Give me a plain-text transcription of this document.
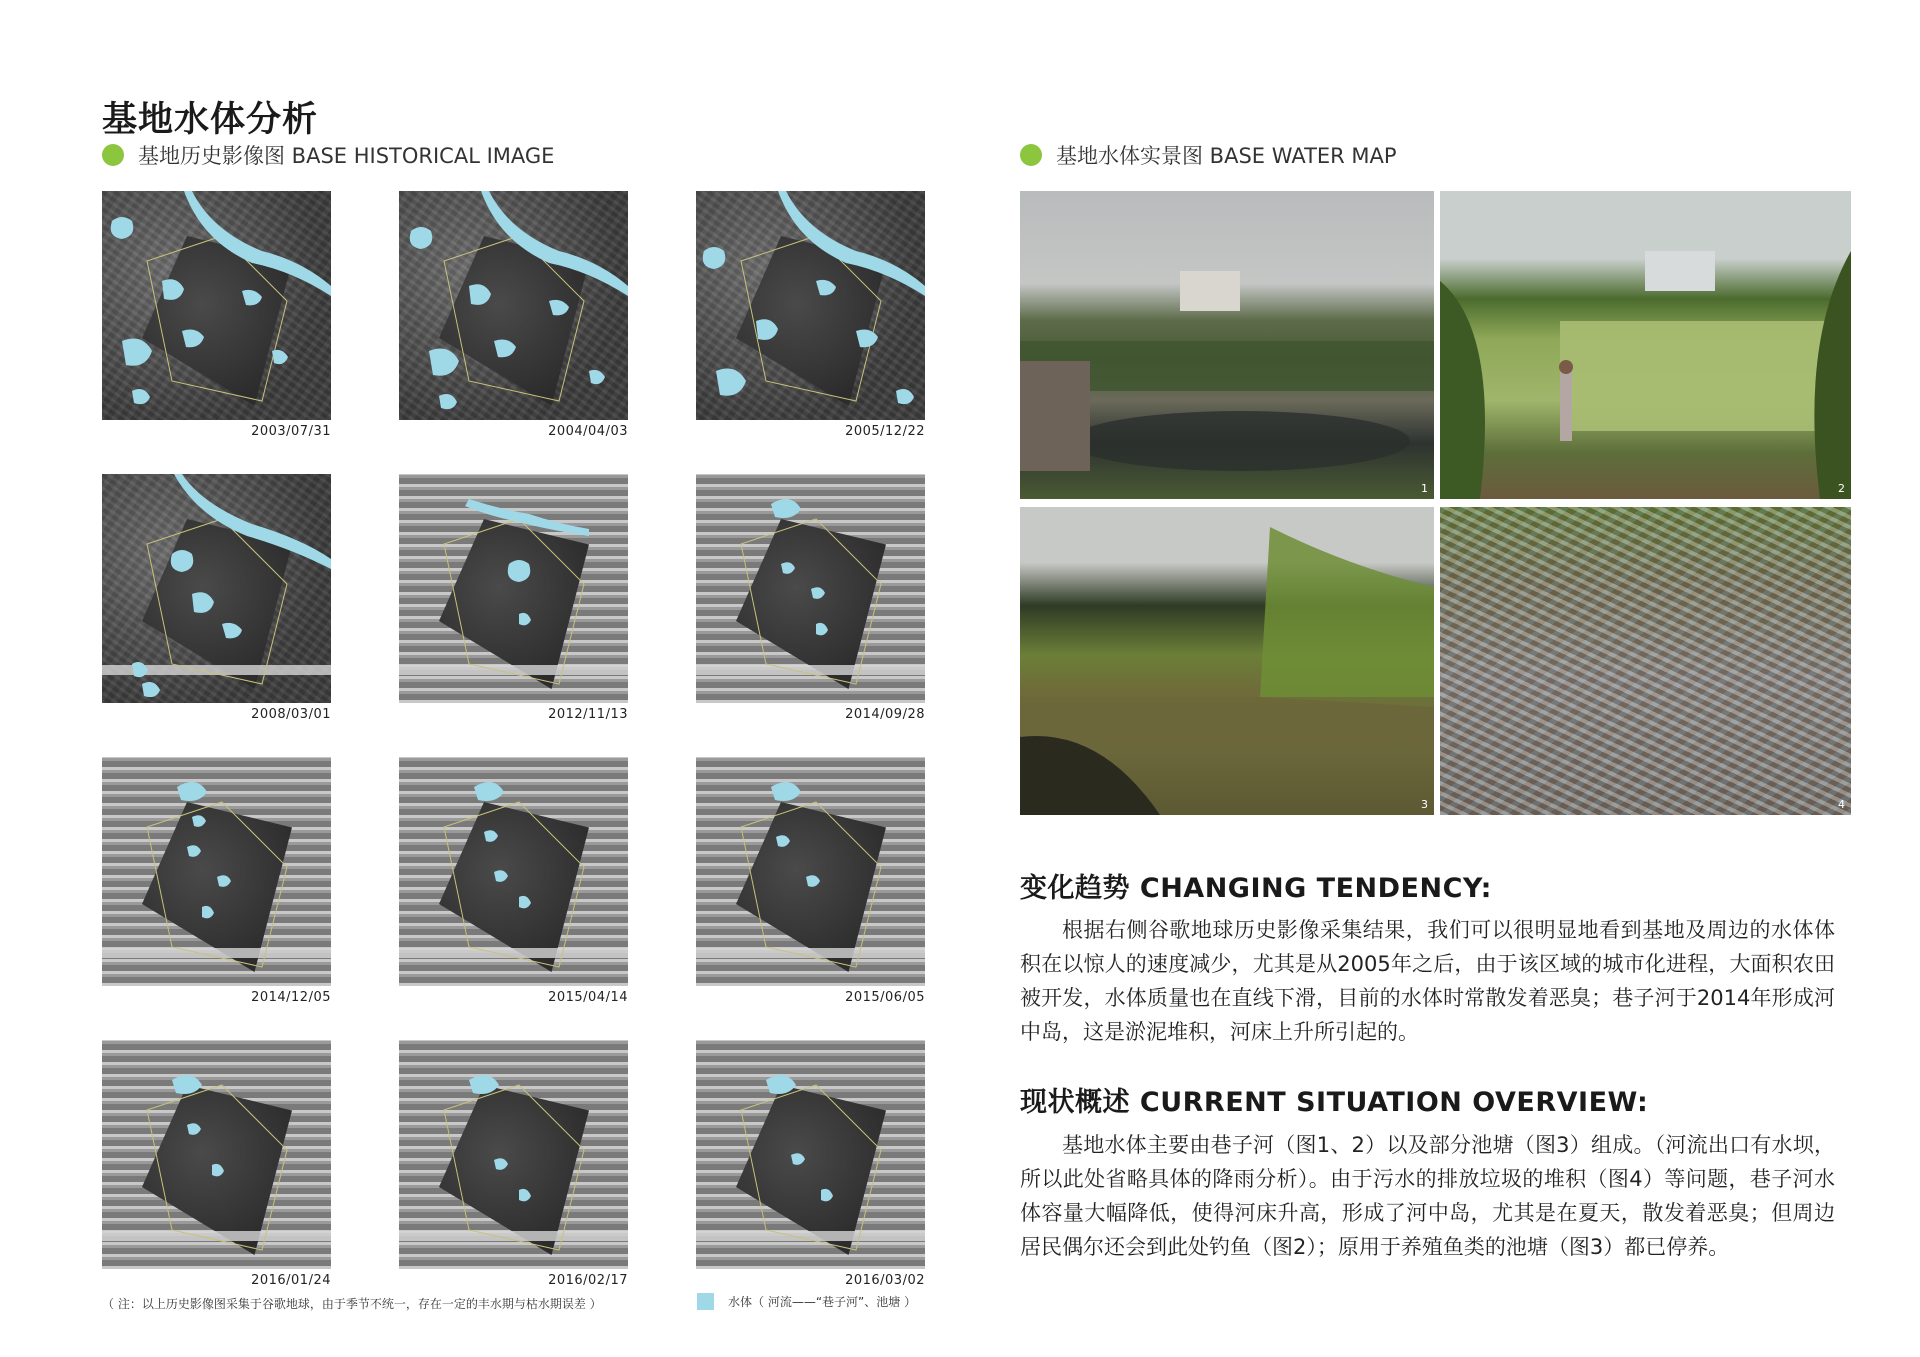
基地水体分析
基地历史影像图 BASE HISTORICAL IMAGE	基地水体实景图 BASE WATER MAP
2003/07/31	2004/04/03	2005/12/22
2008/03/01	2012/11/13	2014/09/28
2014/12/05	2015/04/14	2015/06/05
2016/01/24	2016/02/17	2016/03/02
1	2
3	4
变化趋势 CHANGING TENDENCY:
根据右侧谷歌地球历史影像采集结果，我们可以很明显地看到基地及周边的水体体积在以惊人的速度减少，尤其是从2005年之后，由于该区域的城市化进程，大面积农田被开发，水体质量也在直线下滑，目前的水体时常散发着恶臭；巷子河于2014年形成河中岛，这是淤泥堆积，河床上升所引起的。
现状概述 CURRENT SITUATION OVERVIEW:
基地水体主要由巷子河（图1、2）以及部分池塘（图3）组成。（河流出口有水坝，所以此处省略具体的降雨分析）。由于污水的排放垃圾的堆积（图4）等问题，巷子河水体容量大幅降低，使得河床升高，形成了河中岛，尤其是在夏天，散发着恶臭；但周边居民偶尔还会到此处钓鱼（图2）；原用于养殖鱼类的池塘（图3）都已停养。
（ 注：以上历史影像图采集于谷歌地球，由于季节不统一，存在一定的丰水期与枯水期误差 ）	水体（ 河流——“巷子河”、池塘 ）
